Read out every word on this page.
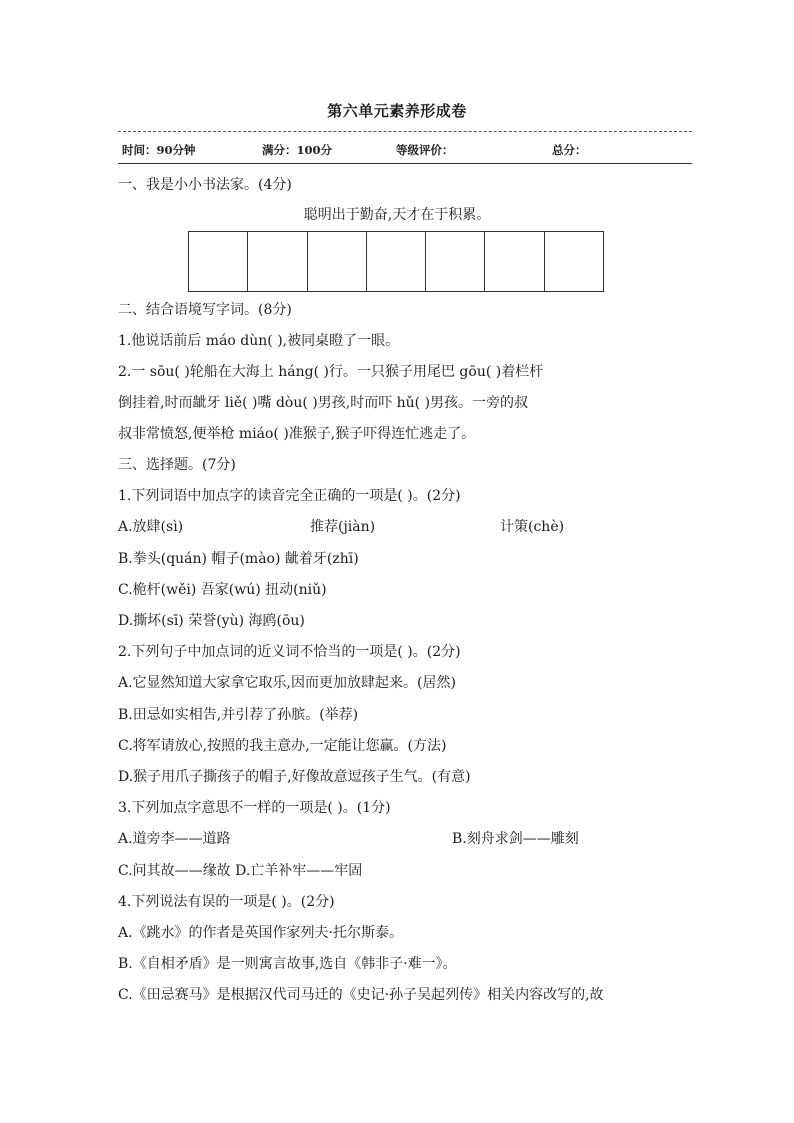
第六单元素养形成卷
时间：90分钟	满分：100分	等级评价：	总分：
一、我是小小书法家。(4分)
聪明出于勤奋,天才在于积累。
二、结合语境写字词。(8分)
1.他说话前后 máo dùn( ),被同桌瞪了一眼。
2.一 sōu( )轮船在大海上 háng( )行。一只猴子用尾巴 gōu( )着栏杆
倒挂着,时而龇牙 liě( )嘴 dòu( )男孩,时而吓 hǔ( )男孩。一旁的叔
叔非常愤怒,便举枪 miáo( )准猴子,猴子吓得连忙逃走了。
三、选择题。(7分)
1.下列词语中加点字的读音完全正确的一项是( )。(2分)
A.放肆(sì)	推荐(jiàn)	计策(chè)
B.拳头(quán) 帽子(mào) 龇着牙(zhī)
C.桅杆(wěi) 吾家(wú) 扭动(niǔ)
D.撕坏(sī) 荣誉(yù) 海鸥(ōu)
2.下列句子中加点词的近义词不恰当的一项是( )。(2分)
A.它显然知道大家拿它取乐,因而更加放肆起来。(居然)
B.田忌如实相告,并引荐了孙膑。(举荐)
C.将军请放心,按照的我主意办,一定能让您赢。(方法)
D.猴子用爪子撕孩子的帽子,好像故意逗孩子生气。(有意)
3.下列加点字意思不一样的一项是( )。(1分)
A.道旁李——道路	B.刻舟求剑——雕刻
C.问其故——缘故 D.亡羊补牢——牢固
4.下列说法有误的一项是( )。(2分)
A.《跳水》的作者是英国作家列夫·托尔斯泰。
B.《自相矛盾》是一则寓言故事,选自《韩非子·难一》。
C.《田忌赛马》是根据汉代司马迁的《史记·孙子吴起列传》相关内容改写的,故
